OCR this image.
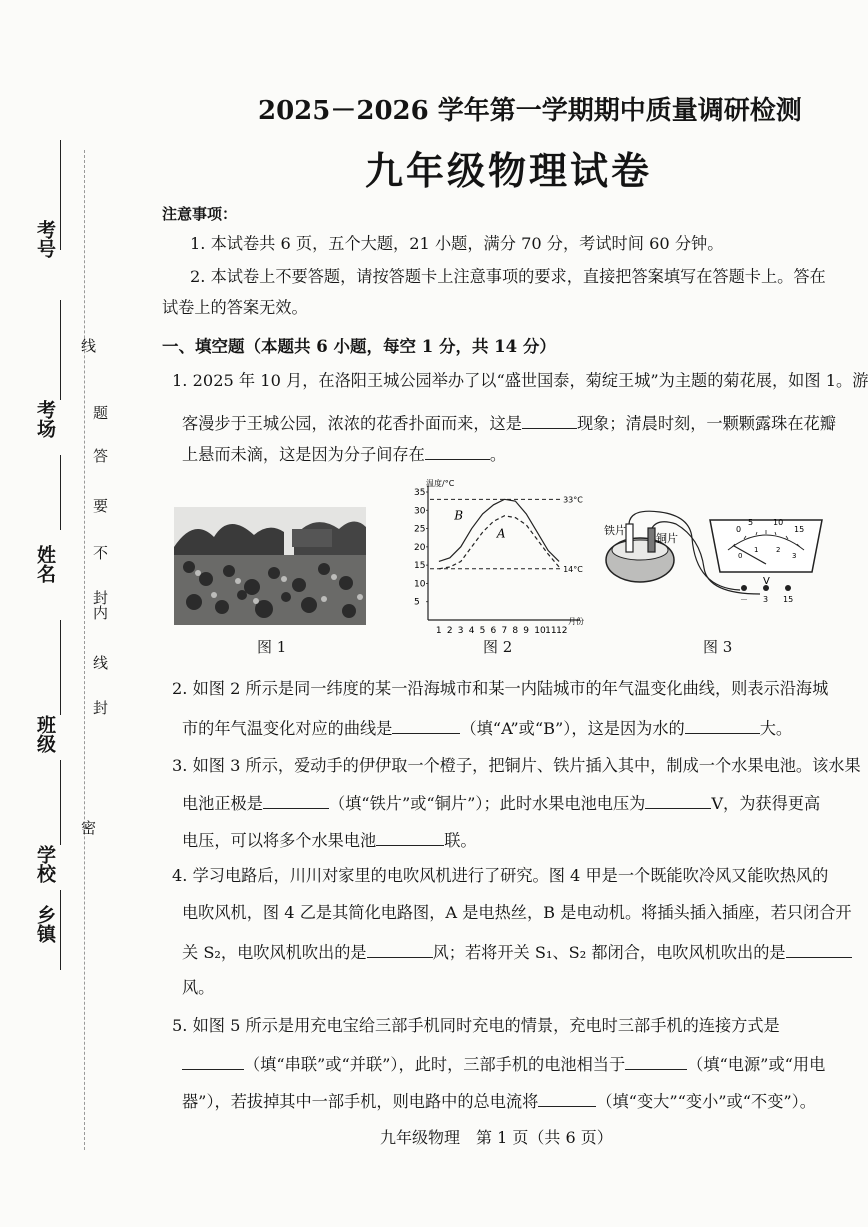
考号
考场
姓名
班级
学校
乡镇
线
题
答
要
不
内
封
线
封
密
2025－2026 学年第一学期期中质量调研检测
九年级物理试卷
注意事项：
1. 本试卷共 6 页，五个大题，21 小题，满分 70 分，考试时间 60 分钟。
2. 本试卷上不要答题，请按答题卡上注意事项的要求，直接把答案填写在答题卡上。答在
试卷上的答案无效。
一、填空题（本题共 6 小题，每空 1 分，共 14 分）
1. 2025 年 10 月，在洛阳王城公园举办了以“盛世国泰，菊绽王城”为主题的菊花展，如图 1。游
客漫步于王城公园，浓浓的花香扑面而来，这是	现象；清晨时刻，一颗颗露珠在花瓣
上悬而未滴，这是因为分子间存在	。
图 1
温度/°C
月份
5
10
15
20
25
30
35
1 2 3 4 5 6 7 8 9 10 11 12
33°C
14°C
A
B
图 2
V
－ 3 15
0
5 10
15
0
1	2
3
铁片
铜片
图 3
2. 如图 2 所示是同一纬度的某一沿海城市和某一内陆城市的年气温变化曲线，则表示沿海城
市的年气温变化对应的曲线是	（填“A”或“B”），这是因为水的	大。
3. 如图 3 所示，爱动手的伊伊取一个橙子，把铜片、铁片插入其中，制成一个水果电池。该水果
电池正极是	（填“铁片”或“铜片”）；此时水果电池电压为	V，为获得更高
电压，可以将多个水果电池	联。
4. 学习电路后，川川对家里的电吹风机进行了研究。图 4 甲是一个既能吹冷风又能吹热风的
电吹风机，图 4 乙是其简化电路图，A 是电热丝，B 是电动机。将插头插入插座，若只闭合开
关 S₂，电吹风机吹出的是	风；若将开关 S₁、S₂ 都闭合，电吹风机吹出的是
风。
5. 如图 5 所示是用充电宝给三部手机同时充电的情景，充电时三部手机的连接方式是
（填“串联”或“并联”），此时，三部手机的电池相当于	（填“电源”或“用电
器”），若拔掉其中一部手机，则电路中的总电流将	（填“变大”“变小”或“不变”）。
九年级物理　第 1 页（共 6 页）
